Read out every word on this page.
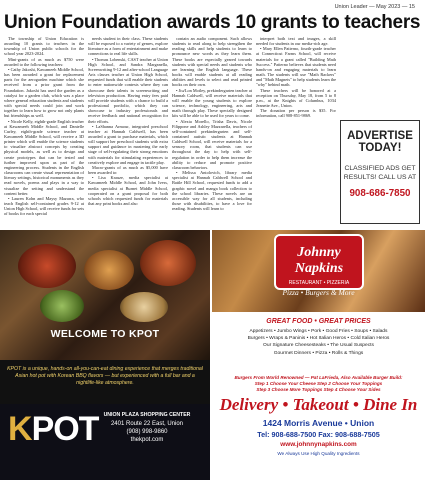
Union Leader — May 2023 — 15
Union Foundation awards 10 grants to teachers

The township of Union Education is awarding 10 grants to teachers in the township of Union public schools for the school year 2023-2024.

Mini-grants of as much as $750 were awarded to the following teachers:

• Cathy Jakoshi, Kawameeh Middle School, has been awarded a grant for replacement parts for the aerogarden machine which she received from a prior grant from the Foundation. Jakoshi has used the garden as a catalyst for a garden club, which was a place where general education students and students with special needs could join and work together to learn how to grow not only plants but friendships as well.

• Nicole Kelly, eighth-grade English teacher at Kawameeh Middle School, and Danielle Curley, eighth-grade science teacher at Kawameeh Middle School, will receive a 3D printer which will enable the science students to visualize abstract concepts by creating physical models, as well as to design and create prototypes that can be tested and further improved upon as part of the engineering process. Students in the English classrooms can create visual representation of literary settings, historical monuments as they read novels, poems and plays in a way to visualize the setting and understand the content better.

• Lauren Kohn and Maysy Mazarra, who teach English self-contained grades 9-12 at Union High School, will receive funds for sets of books for each special

needs student in their class. These students will be exposed to a variety of genres, explore literature as a form of entertainment and make connections to real life skills.

• Thomas Lobenski, CAST teacher at Union High School, and Sandra Marganella, Screenwriting 9-12 and after-school Language Arts classes teacher at Union High School, requested funds that will enable their students to enter nationwide contests where they can showcase their talents in screenwriting and television production. Having entry fees paid will provide students with a chance to build a professional portfolio, which they can showcase to industry professionals and receive feedback and national recognition for their efforts.

• LaShanna Armour, integrated preschool teacher at Hannah Caldwell, has been awarded a grant to purchase materials, which will support her preschool students with extra support and guidance in mastering the early stage of self-regulating their strong emotions with materials for stimulating experiences to creatively explore and engage in tactile play.

Macro-grants of as much as $5,000 have been awarded to:

• Lisa Krauze, media specialist at Kawameeh Middle School, and John Ivess, media specialist at Burnet Middle School, cooperated on a grant proposal for both schools which requested funds for materials that any print books and also

contain an audio component. Such allows students to read along to help strengthen the reading skills and help students to learn to pronounce new words as they learn them. These books are especially geared towards students with special needs and students who are learning the English language. These books will enable students at all reading abilities and levels to select and read printed books on their own.

• Jiu/Lon Motley, prekindergarten teacher at Hannah Caldwell, will receive materials that will enable the young students to explore science, technology, engineering, arts and math through play. These specially designed kits will be able to be used for years to come.

• Alexia Morello, Trisha Davis, Nicole Filippone and Ashley Mazzarella, teachers of self-contained prekindergarten and self-contained autistic students at Hannah Caldwell School, will receive materials for a sensory room, that students can use throughout the day to help with self-regulation in order to help them increase the ability to reduce and promote positive classroom behaviors.

• Melissa Antolovich, library media specialist at Hannah Caldwell School and Battle Hill School, requested funds to add a graphic novel and manga book collection to the school libraries. These novels are an accessible way for all students, including those with disabilities, to have a love for reading. Students will learn to

interpret both text and images, a skill needed for students in our media-rich age.

• Mary Ellen Patierno, fourth-grade teacher at Connecticut Farms School, will receive materials for a grant called "Building Math Success." Patierno believes that students need hands-on and engaging materials to learn math. The students will use "Math Rackers" and "Math Magnets" to help students learn the "why" behind math.

These teachers will be honored at a reception on Thursday, May 18, from 5 to 8 p.m., at the Knights of Columbus, 1034 Jeanette Ave., Union.

The donation per person is $35. For information, call 908-851-9869.

ADVERTISE TODAY!
CLASSIFIED ADS GET RESULTS! CALL US AT
908-686-7850
WELCOME TO KPOT
KPOT is a unique, hands-on all-you-can-eat dining experience that merges traditional Asian hot pot with Korean BBQ flavors — but experienced with a full bar and a nightlife-like atmosphere.
KPOT UNION PLAZA SHOPPING CENTER
2401 Route 22 East, Union
(908) 998-9860
thekpot.com
Johnny Napkins
RESTAURANT • PIZZERIA
Pizza • Burgers & More
GREAT FOOD • GREAT PRICES
Appetizers • Jumbo Wings • Pork • Good Fries • Soups • Salads
Burgers • Wraps & Paninis • Hot Italian Heros • Cold Italian Heros
Our Signature Cheesesteaks • The Usual Suspects
Gourmet Dinners • Pizza • Rolls & Things
Burgers From World Renowned — Pat LaFrieda, Also Available Burger Build:
Step 1 Choose Your Cheese Step 2 Choose Your Toppings
Step 3 Choose More Toppings Step 4 Choose Your Sides
Delivery • Takeout • Dine In
1424 Morris Avenue • Union
Tel: 908-688-7500 Fax: 908-688-7505
www.johnnynapkins.com
We Always Use High Quality Ingredients
